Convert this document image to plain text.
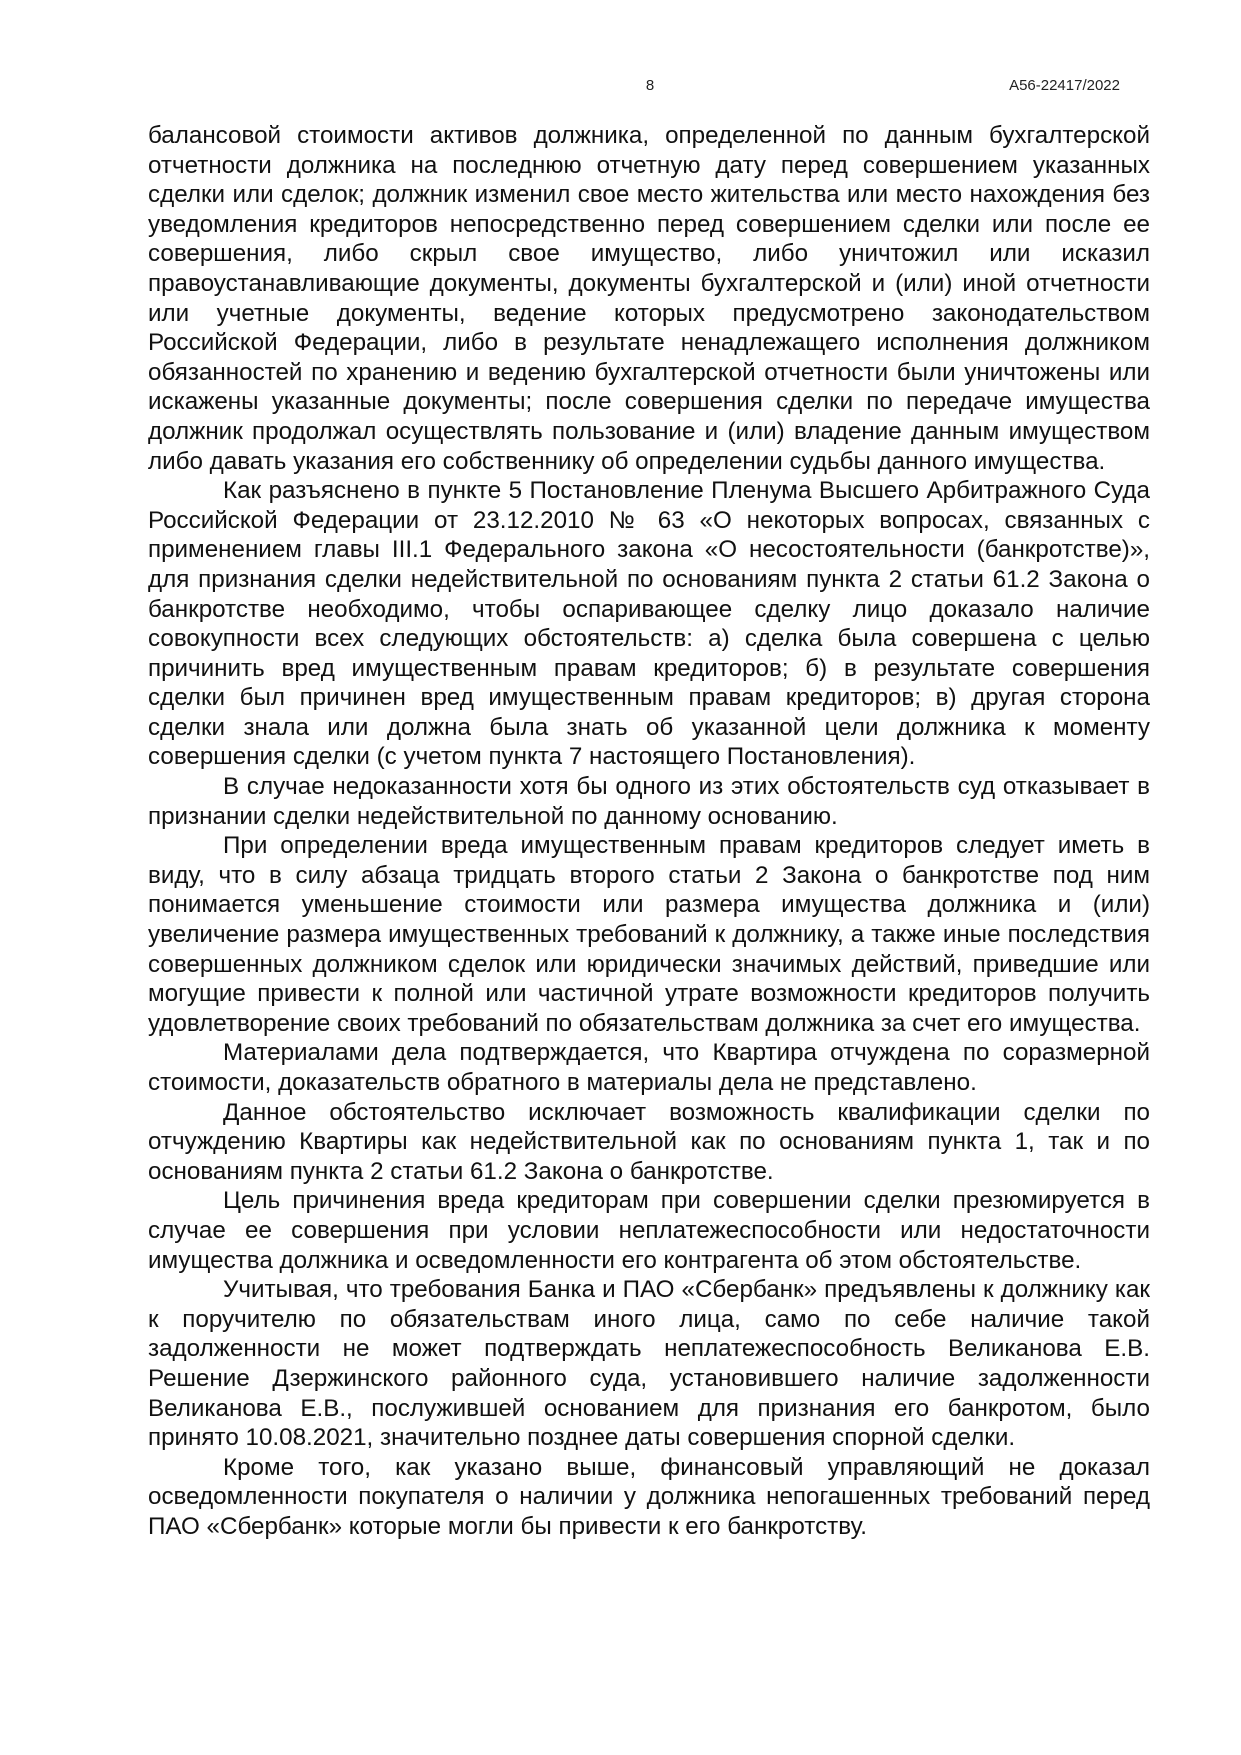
8	А56-22417/2022

балансовой стоимости активов должника, определенной по данным бухгалтерской отчетности должника на последнюю отчетную дату перед совершением указанных сделки или сделок; должник изменил свое место жительства или место нахождения без уведомления кредиторов непосредственно перед совершением сделки или после ее совершения, либо скрыл свое имущество, либо уничтожил или исказил правоустанавливающие документы, документы бухгалтерской и (или) иной отчетности или учетные документы, ведение которых предусмотрено законодательством Российской Федерации, либо в результате ненадлежащего исполнения должником обязанностей по хранению и ведению бухгалтерской отчетности были уничтожены или искажены указанные документы; после совершения сделки по передаче имущества должник продолжал осуществлять пользование и (или) владение данным имуществом либо давать указания его собственнику об определении судьбы данного имущества.

Как разъяснено в пункте 5 Постановление Пленума Высшего Арбитражного Суда Российской Федерации от 23.12.2010 № 63 «О некоторых вопросах, связанных с применением главы III.1 Федерального закона «О несостоятельности (банкротстве)», для признания сделки недействительной по основаниям пункта 2 статьи 61.2 Закона о банкротстве необходимо, чтобы оспаривающее сделку лицо доказало наличие совокупности всех следующих обстоятельств: а) сделка была совершена с целью причинить вред имущественным правам кредиторов; б) в результате совершения сделки был причинен вред имущественным правам кредиторов; в) другая сторона сделки знала или должна была знать об указанной цели должника к моменту совершения сделки (с учетом пункта 7 настоящего Постановления).

В случае недоказанности хотя бы одного из этих обстоятельств суд отказывает в признании сделки недействительной по данному основанию.

При определении вреда имущественным правам кредиторов следует иметь в виду, что в силу абзаца тридцать второго статьи 2 Закона о банкротстве под ним понимается уменьшение стоимости или размера имущества должника и (или) увеличение размера имущественных требований к должнику, а также иные последствия совершенных должником сделок или юридически значимых действий, приведшие или могущие привести к полной или частичной утрате возможности кредиторов получить удовлетворение своих требований по обязательствам должника за счет его имущества.

Материалами дела подтверждается, что Квартира отчуждена по соразмерной стоимости, доказательств обратного в материалы дела не представлено.

Данное обстоятельство исключает возможность квалификации сделки по отчуждению Квартиры как недействительной как по основаниям пункта 1, так и по основаниям пункта 2 статьи 61.2 Закона о банкротстве.

Цель причинения вреда кредиторам при совершении сделки презюмируется в случае ее совершения при условии неплатежеспособности или недостаточности имущества должника и осведомленности его контрагента об этом обстоятельстве.

Учитывая, что требования Банка и ПАО «Сбербанк» предъявлены к должнику как к поручителю по обязательствам иного лица, само по себе наличие такой задолженности не может подтверждать неплатежеспособность Великанова Е.В. Решение Дзержинского районного суда, установившего наличие задолженности Великанова Е.В., послужившей основанием для признания его банкротом, было принято 10.08.2021, значительно позднее даты совершения спорной сделки.

Кроме того, как указано выше, финансовый управляющий не доказал осведомленности покупателя о наличии у должника непогашенных требований перед ПАО «Сбербанк» которые могли бы привести к его банкротству.
